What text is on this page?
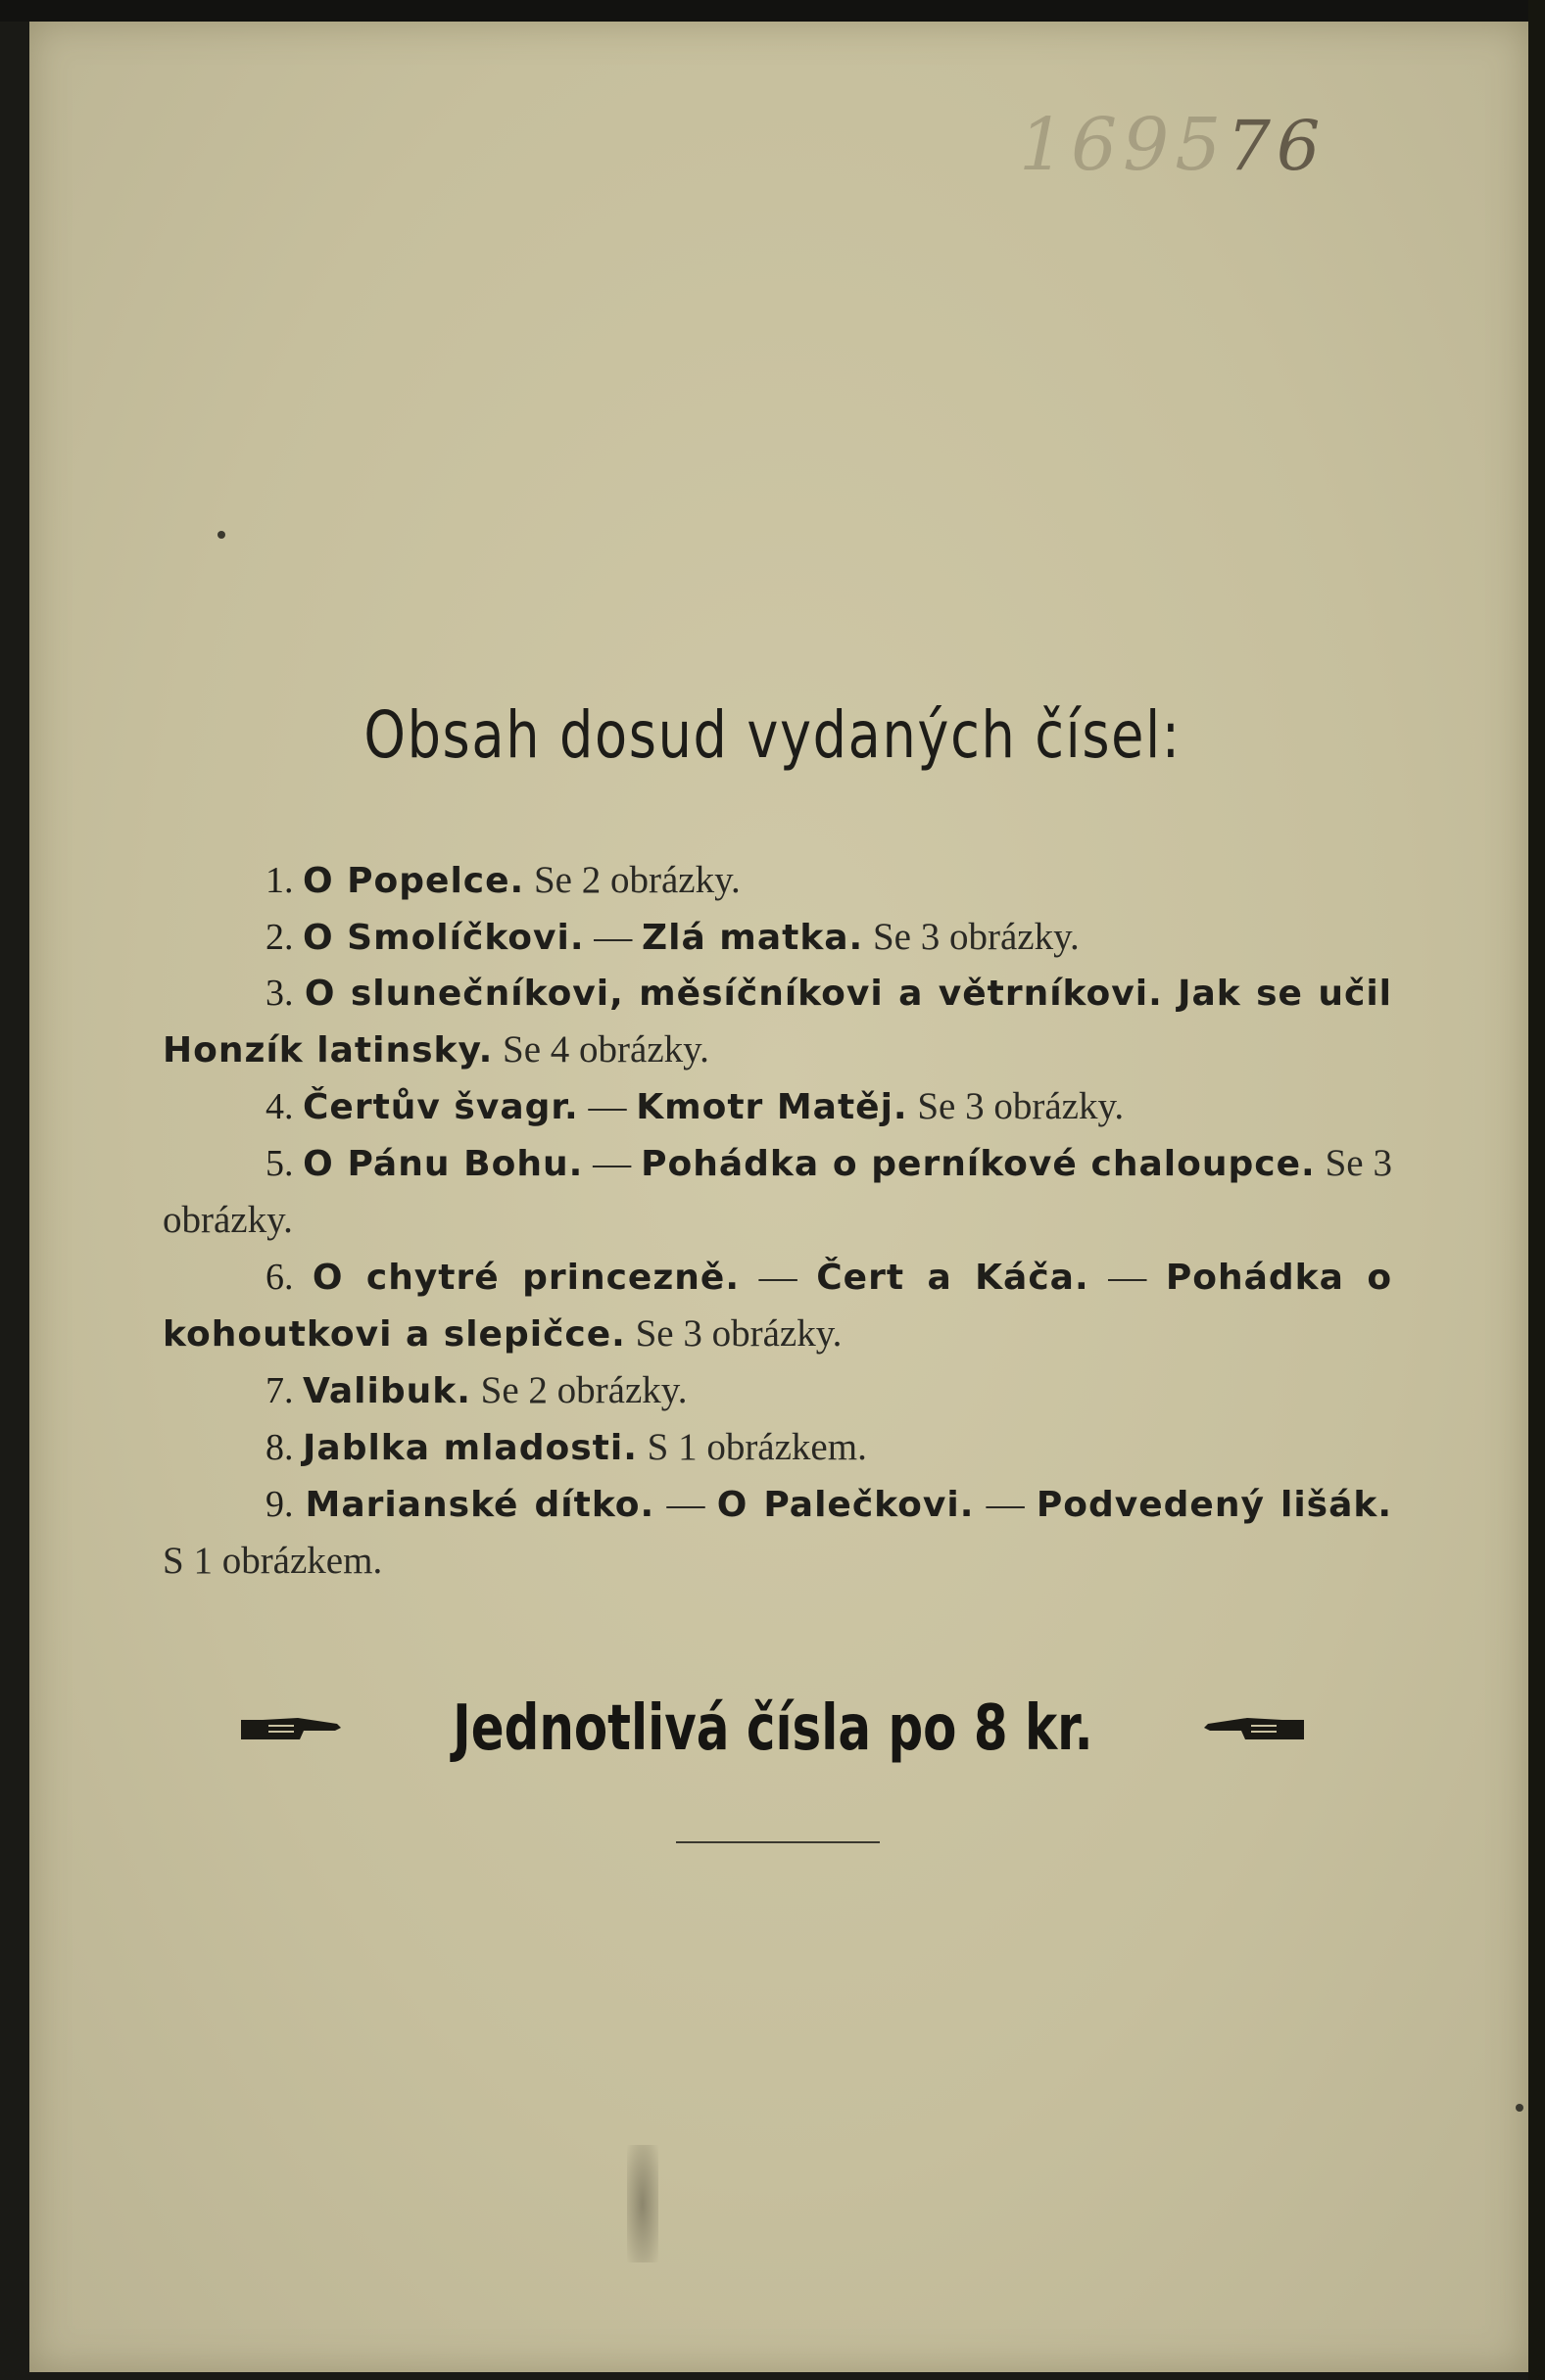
169576
Obsah dosud vydaných čísel:
1. O Popelce. Se 2 obrázky.
2. O Smolíčkovi. — Zlá matka. Se 3 obrázky.
3. O slunečníkovi, měsíčníkovi a větrníkovi. Jak se učil Honzík latinsky. Se 4 obrázky.
4. Čertův švagr. — Kmotr Matěj. Se 3 obrázky.
5. O Pánu Bohu. — Pohádka o perníkové chaloupce. Se 3 obrázky.
6. O chytré princezně. — Čert a Káča. — Pohádka o kohoutkovi a slepičce. Se 3 obrázky.
7. Valibuk. Se 2 obrázky.
8. Jablka mladosti. S 1 obrázkem.
9. Marianské dítko. — O Palečkovi. — Podvedený lišák. S 1 obrázkem.
Jednotlivá čísla po 8 kr.
